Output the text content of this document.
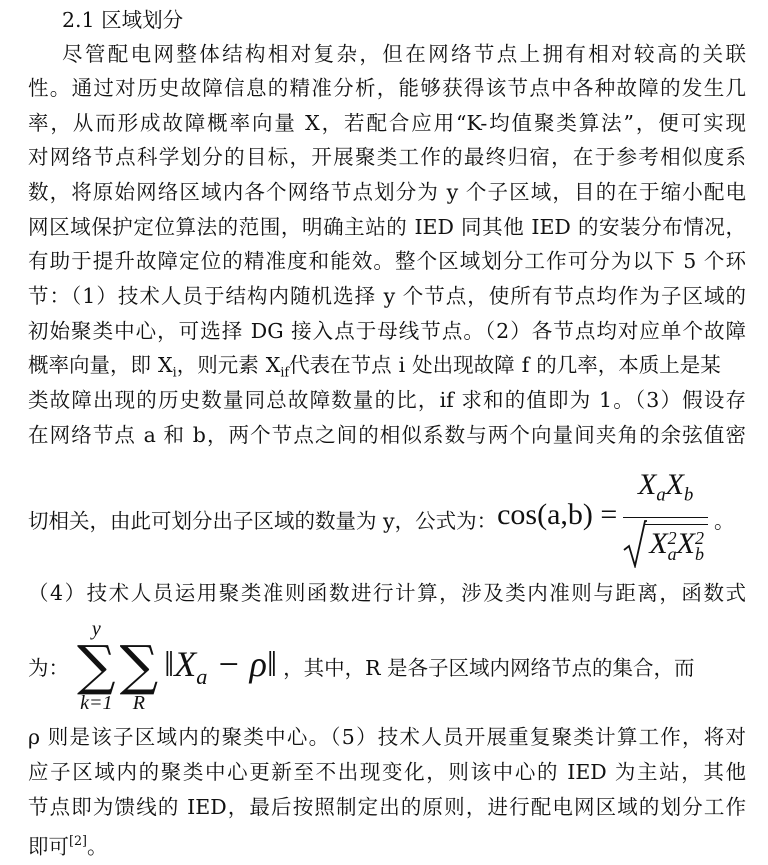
2.1 区域划分
尽管配电网整体结构相对复杂，但在网络节点上拥有相对较高的关联
性。通过对历史故障信息的精准分析，能够获得该节点中各种故障的发生几
率，从而形成故障概率向量 X，若配合应用“K-均值聚类算法”，便可实现
对网络节点科学划分的目标，开展聚类工作的最终归宿，在于参考相似度系
数，将原始网络区域内各个网络节点划分为 y 个子区域，目的在于缩小配电
网区域保护定位算法的范围，明确主站的 IED 同其他 IED 的安装分布情况，
有助于提升故障定位的精准度和能效。整个区域划分工作可分为以下 5 个环
节：（1）技术人员于结构内随机选择 y 个节点，使所有节点均作为子区域的
初始聚类中心，可选择 DG 接入点于母线节点。（2）各节点均对应单个故障
概率向量，即 $X_i$，则元素 $X_{if}$代表在节点 i 处出现故障 f 的几率，本质上是某
类故障出现的历史数量同总故障数量的比，if 求和的值即为 1。（3）假设存
在网络节点 a 和 b，两个节点之间的相似系数与两个向量间夹角的余弦值密
切相关，由此可划分出子区域的数量为 y，公式为：$\cos(a,b) = X_aX_b$
X 2
a X 2
b 。
（4）技术人员运用聚类准则函数进行计算，涉及类内准则与距离，函数式
为：
y
∑
k=1

∑
R
$‖X_a$ − ρ‖ ，其中，R 是各子区域内网络节点的集合，而
ρ 则是该子区域内的聚类中心。（5）技术人员开展重复聚类计算工作，将对
应子区域内的聚类中心更新至不出现变化，则该中心的 IED 为主站，其他
节点即为馈线的 IED，最后按照制定出的原则，进行配电网区域的划分工作
即可[2]。
